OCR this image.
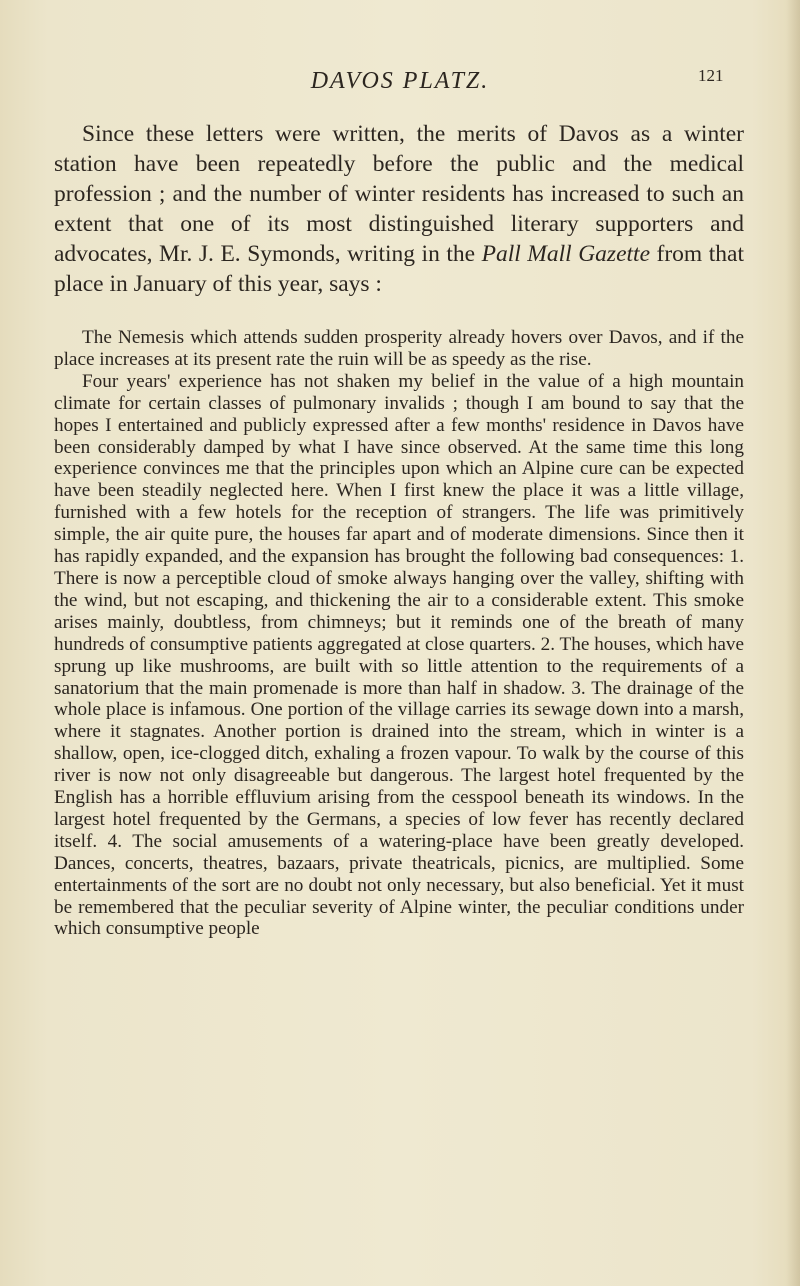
DAVOS PLATZ.	121

Since these letters were written, the merits of Davos as a winter station have been repeatedly before the public and the medical profession ; and the number of winter residents has increased to such an extent that one of its most distinguished literary supporters and advocates, Mr. J. E. Symonds, writing in the Pall Mall Gazette from that place in January of this year, says :

The Nemesis which attends sudden prosperity already hovers over Davos, and if the place increases at its present rate the ruin will be as speedy as the rise.

Four years' experience has not shaken my belief in the value of a high mountain climate for certain classes of pulmonary invalids ; though I am bound to say that the hopes I entertained and publicly expressed after a few months' residence in Davos have been considerably damped by what I have since observed. At the same time this long experience convinces me that the principles upon which an Alpine cure can be expected have been steadily neglected here. When I first knew the place it was a little village, furnished with a few hotels for the reception of strangers. The life was primitively simple, the air quite pure, the houses far apart and of moderate dimensions. Since then it has rapidly expanded, and the expansion has brought the following bad consequences: 1. There is now a perceptible cloud of smoke always hanging over the valley, shifting with the wind, but not escaping, and thickening the air to a considerable extent. This smoke arises mainly, doubtless, from chimneys; but it reminds one of the breath of many hundreds of consumptive patients aggregated at close quarters. 2. The houses, which have sprung up like mushrooms, are built with so little attention to the requirements of a sanatorium that the main promenade is more than half in shadow. 3. The drainage of the whole place is infamous. One portion of the village carries its sewage down into a marsh, where it stagnates. Another portion is drained into the stream, which in winter is a shallow, open, ice-clogged ditch, exhaling a frozen vapour. To walk by the course of this river is now not only disagreeable but dangerous. The largest hotel frequented by the English has a horrible effluvium arising from the cesspool beneath its windows. In the largest hotel frequented by the Germans, a species of low fever has recently declared itself. 4. The social amusements of a watering-place have been greatly developed. Dances, concerts, theatres, bazaars, private theatricals, picnics, are multiplied. Some entertainments of the sort are no doubt not only necessary, but also beneficial. Yet it must be remembered that the peculiar severity of Alpine winter, the peculiar conditions under which consumptive people
